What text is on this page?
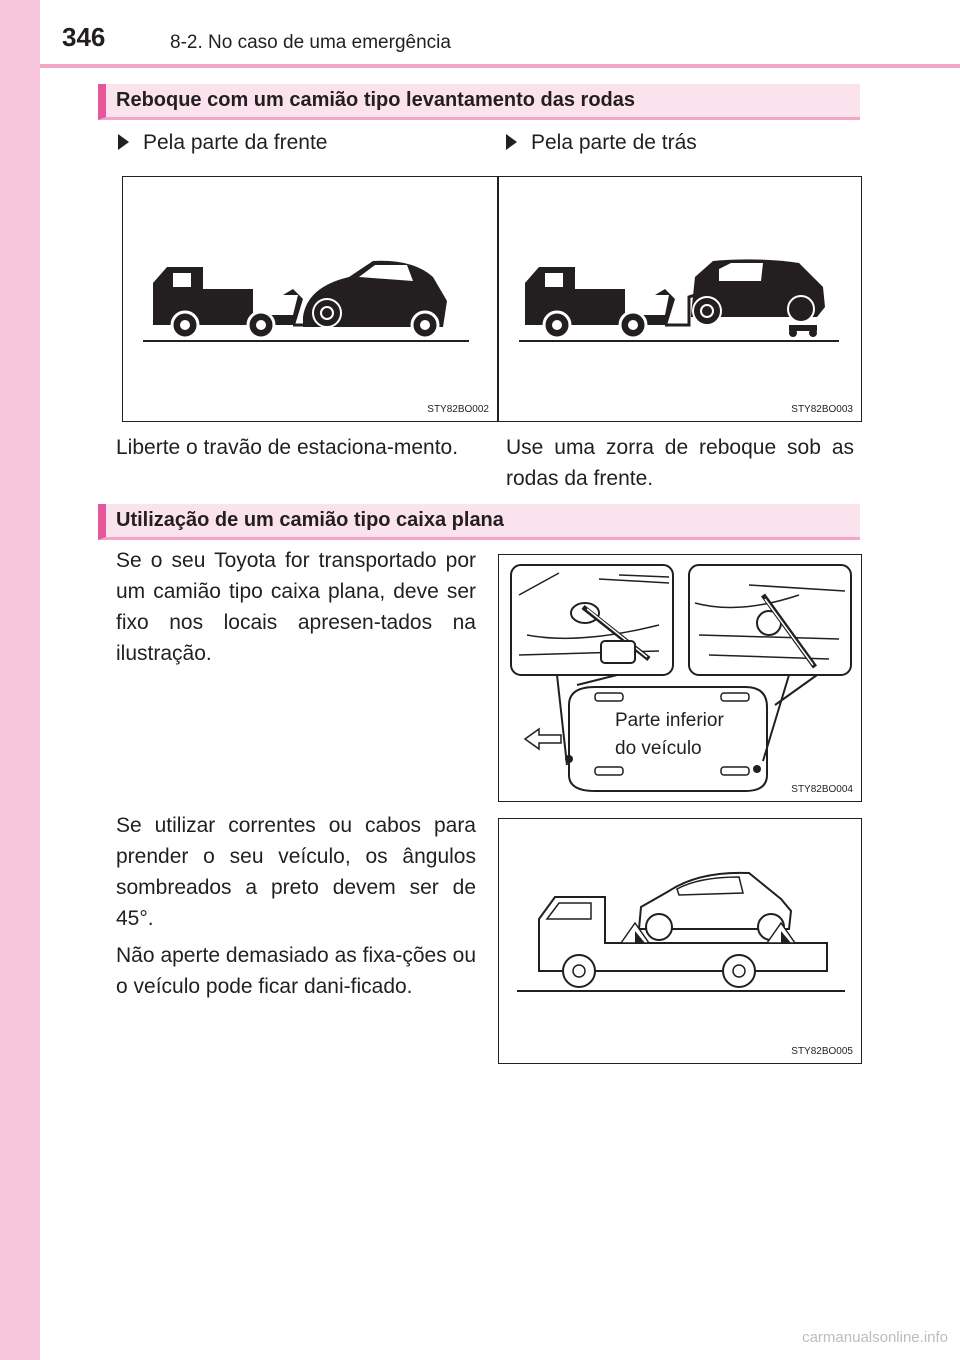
346	8-2. No caso de uma emergência
Reboque com um camião tipo levantamento das rodas
Pela parte da frente	Pela parte de trás
STY82BO002	STY82BO003
Liberte o travão de estaciona-mento.	Use uma zorra de reboque sob as rodas da frente.
Utilização de um camião tipo caixa plana
Se o seu Toyota for transportado por um camião tipo caixa plana, deve ser fixo nos locais apresen-tados na ilustração.
Parte inferior
do veículo
STY82BO004
Se utilizar correntes ou cabos para prender o seu veículo, os ângulos sombreados a preto devem ser de 45°.
Não aperte demasiado as fixa-ções ou o veículo pode ficar dani-ficado.
STY82BO005
carmanualsonline.info
